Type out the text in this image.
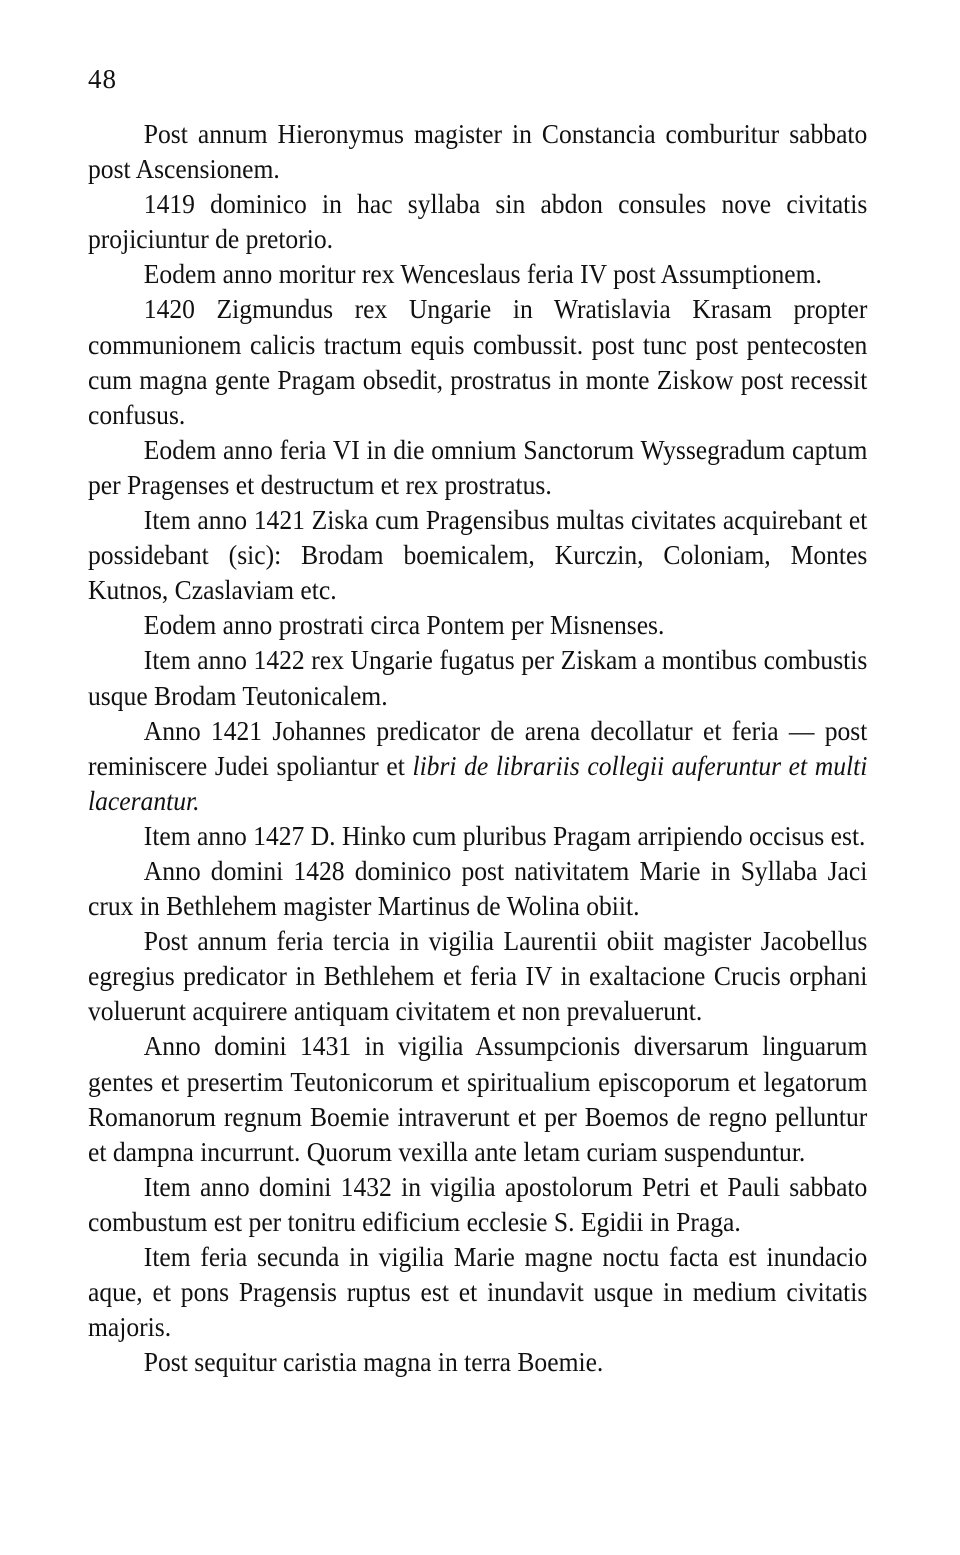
48

Post annum Hieronymus magister in Constancia comburitur sabbato post Ascensionem.

1419 dominico in hac syllaba sin abdon consules nove civitatis projiciuntur de pretorio.

Eodem anno moritur rex Wenceslaus feria IV post Assumptionem.

1420 Zigmundus rex Ungarie in Wratislavia Krasam propter communionem calicis tractum equis combussit. post tunc post pentecosten cum magna gente Pragam obsedit, prostratus in monte Ziskow post recessit confusus.

Eodem anno feria VI in die omnium Sanctorum Wyssegradum captum per Pragenses et destructum et rex prostratus.

Item anno 1421 Ziska cum Pragensibus multas civitates acquirebant et possidebant (sic): Brodam boemicalem, Kurczin, Coloniam, Montes Kutnos, Czaslaviam etc.

Eodem anno prostrati circa Pontem per Misnenses.

Item anno 1422 rex Ungarie fugatus per Ziskam a montibus combustis usque Brodam Teutonicalem.

Anno 1421 Johannes predicator de arena decollatur et feria — post reminiscere Judei spoliantur et libri de librariis collegii auferuntur et multi lacerantur.

Item anno 1427 D. Hinko cum pluribus Pragam arripiendo occisus est.

Anno domini 1428 dominico post nativitatem Marie in Syllaba Jaci crux in Bethlehem magister Martinus de Wolina obiit.

Post annum feria tercia in vigilia Laurentii obiit magister Jacobellus egregius predicator in Bethlehem et feria IV in exaltacione Crucis orphani voluerunt acquirere antiquam civitatem et non prevaluerunt.

Anno domini 1431 in vigilia Assumpcionis diversarum linguarum gentes et presertim Teutonicorum et spiritualium episcoporum et legatorum Romanorum regnum Boemie intraverunt et per Boemos de regno pelluntur et dampna incurrunt. Quorum vexilla ante letam curiam suspenduntur.

Item anno domini 1432 in vigilia apostolorum Petri et Pauli sabbato combustum est per tonitru edificium ecclesie S. Egidii in Praga.

Item feria secunda in vigilia Marie magne noctu facta est inundacio aque, et pons Pragensis ruptus est et inundavit usque in medium civitatis majoris.

Post sequitur caristia magna in terra Boemie.
